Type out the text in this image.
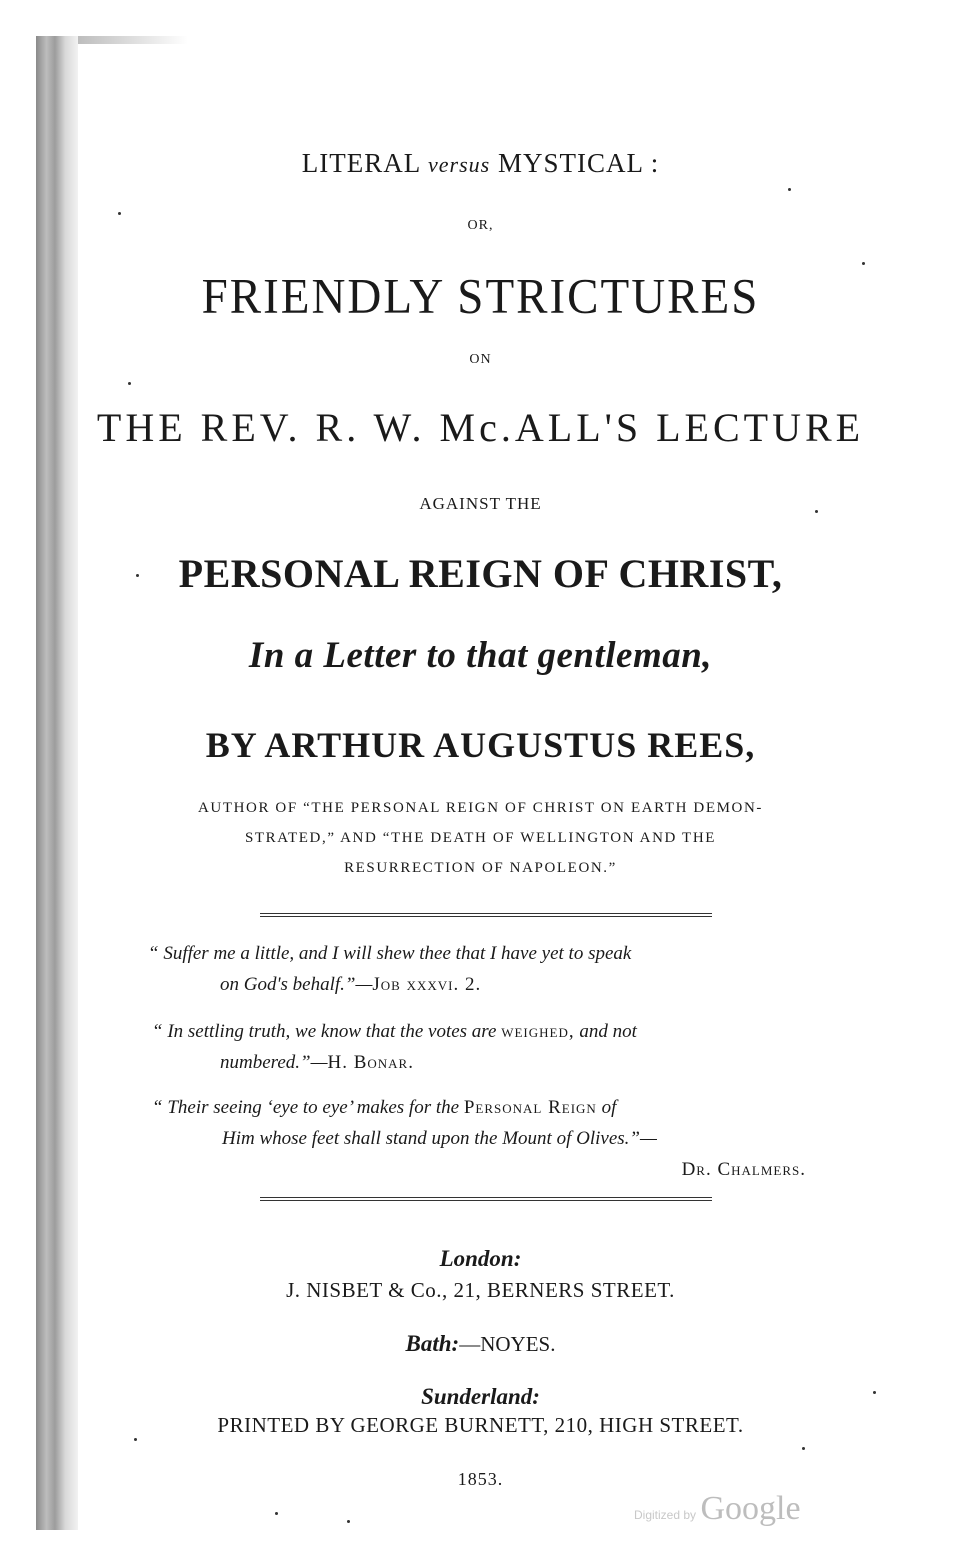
LITERAL versus MYSTICAL :
OR,
FRIENDLY STRICTURES
ON
THE REV. R. W. Mc.ALL'S LECTURE
AGAINST THE
PERSONAL REIGN OF CHRIST,
In a Letter to that gentleman,
BY ARTHUR AUGUSTUS REES,
AUTHOR OF “THE PERSONAL REIGN OF CHRIST ON EARTH DEMON-
STRATED,” AND “THE DEATH OF WELLINGTON AND THE
RESURRECTION OF NAPOLEON.”
“ Suffer me a little, and I will shew thee that I have yet to speak
on God's behalf.”—Job xxxvi. 2.
“ In settling truth, we know that the votes are weighed, and not
numbered.”—H. Bonar.
“ Their seeing ‘eye to eye’ makes for the Personal Reign of
Him whose feet shall stand upon the Mount of Olives.”—
Dr. Chalmers.
London:
J. NISBET & Co., 21, BERNERS STREET.
Bath:—NOYES.
Sunderland:
PRINTED BY GEORGE BURNETT, 210, HIGH STREET.
1853.
Digitized by Google
